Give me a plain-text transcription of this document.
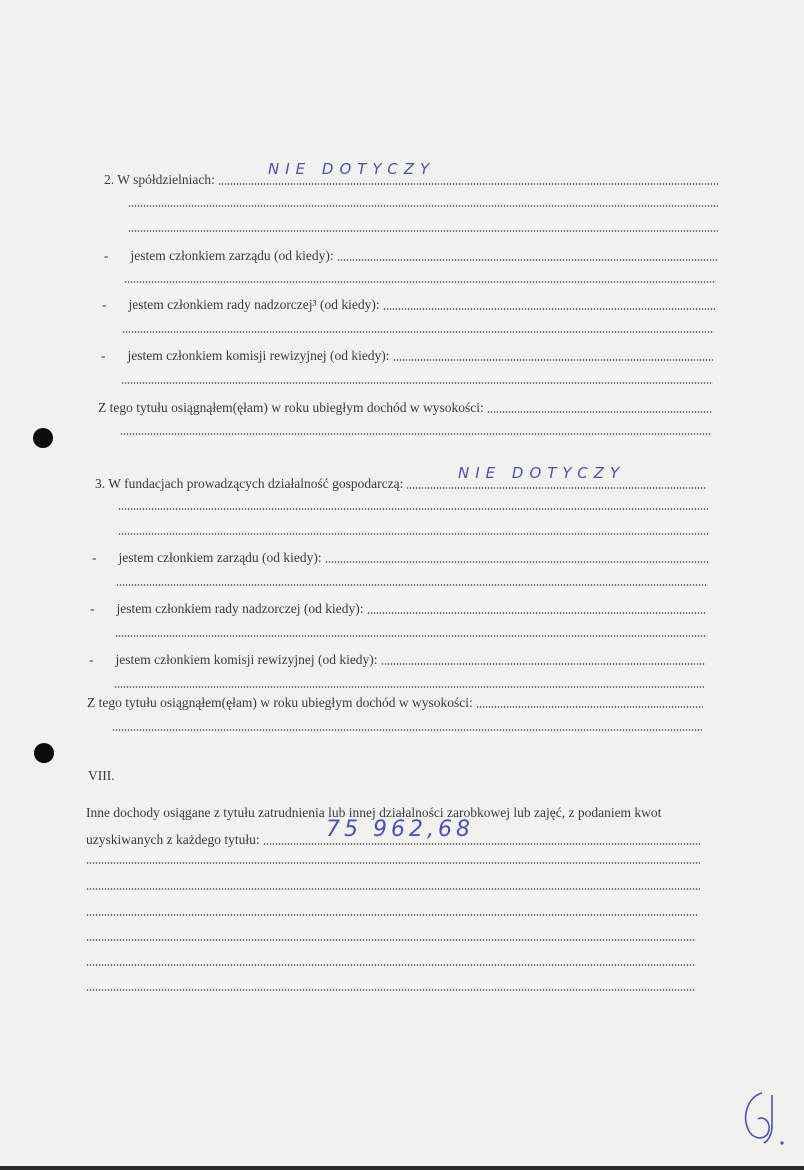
2. W spółdzielniach:
NIE DOTYCZY
- jestem członkiem zarządu (od kiedy):
- jestem członkiem rady nadzorczej³ (od kiedy):
- jestem członkiem komisji rewizyjnej (od kiedy):
Z tego tytułu osiągnąłem(ęłam) w roku ubiegłym dochód w wysokości:
3. W fundacjach prowadzących działalność gospodarczą:
NIE DOTYCZY
- jestem członkiem zarządu (od kiedy):
- jestem członkiem rady nadzorczej (od kiedy):
- jestem członkiem komisji rewizyjnej (od kiedy):
Z tego tytułu osiągnąłem(ęłam) w roku ubiegłym dochód w wysokości:
VIII.
Inne dochody osiągane z tytułu zatrudnienia lub innej działalności zarobkowej lub zajęć, z podaniem kwot
uzyskiwanych z każdego tytułu:	75 962,68
